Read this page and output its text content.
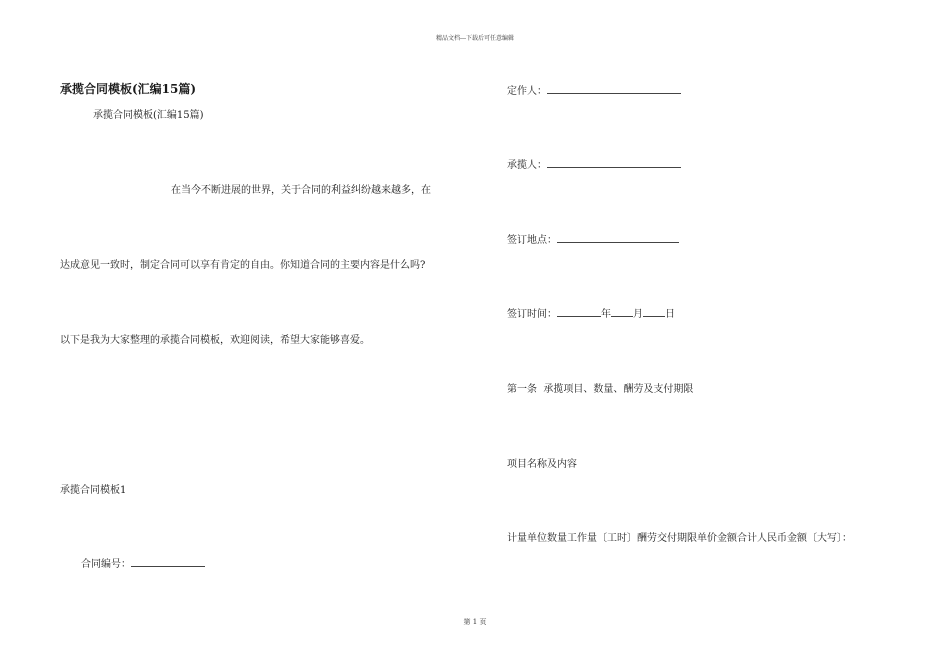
精品文档---下载后可任意编辑
承揽合同模板(汇编15篇)
承揽合同模板(汇编15篇)
在当今不断进展的世界，关于合同的利益纠纷越来越多，在
达成意见一致时，制定合同可以享有肯定的自由。你知道合同的主要内容是什么吗?
以下是我为大家整理的承揽合同模板，欢迎阅读，希望大家能够喜爱。
承揽合同模板1
合同编号：
定作人：
承揽人：
签订地点：
签订时间：	年 月 日
第一条  承揽项目、数量、酬劳及支付期限
项目名称及内容
计量单位数量工作量〔工时〕酬劳交付期限单价金额合计人民币金额〔大写〕：
第 1 页
